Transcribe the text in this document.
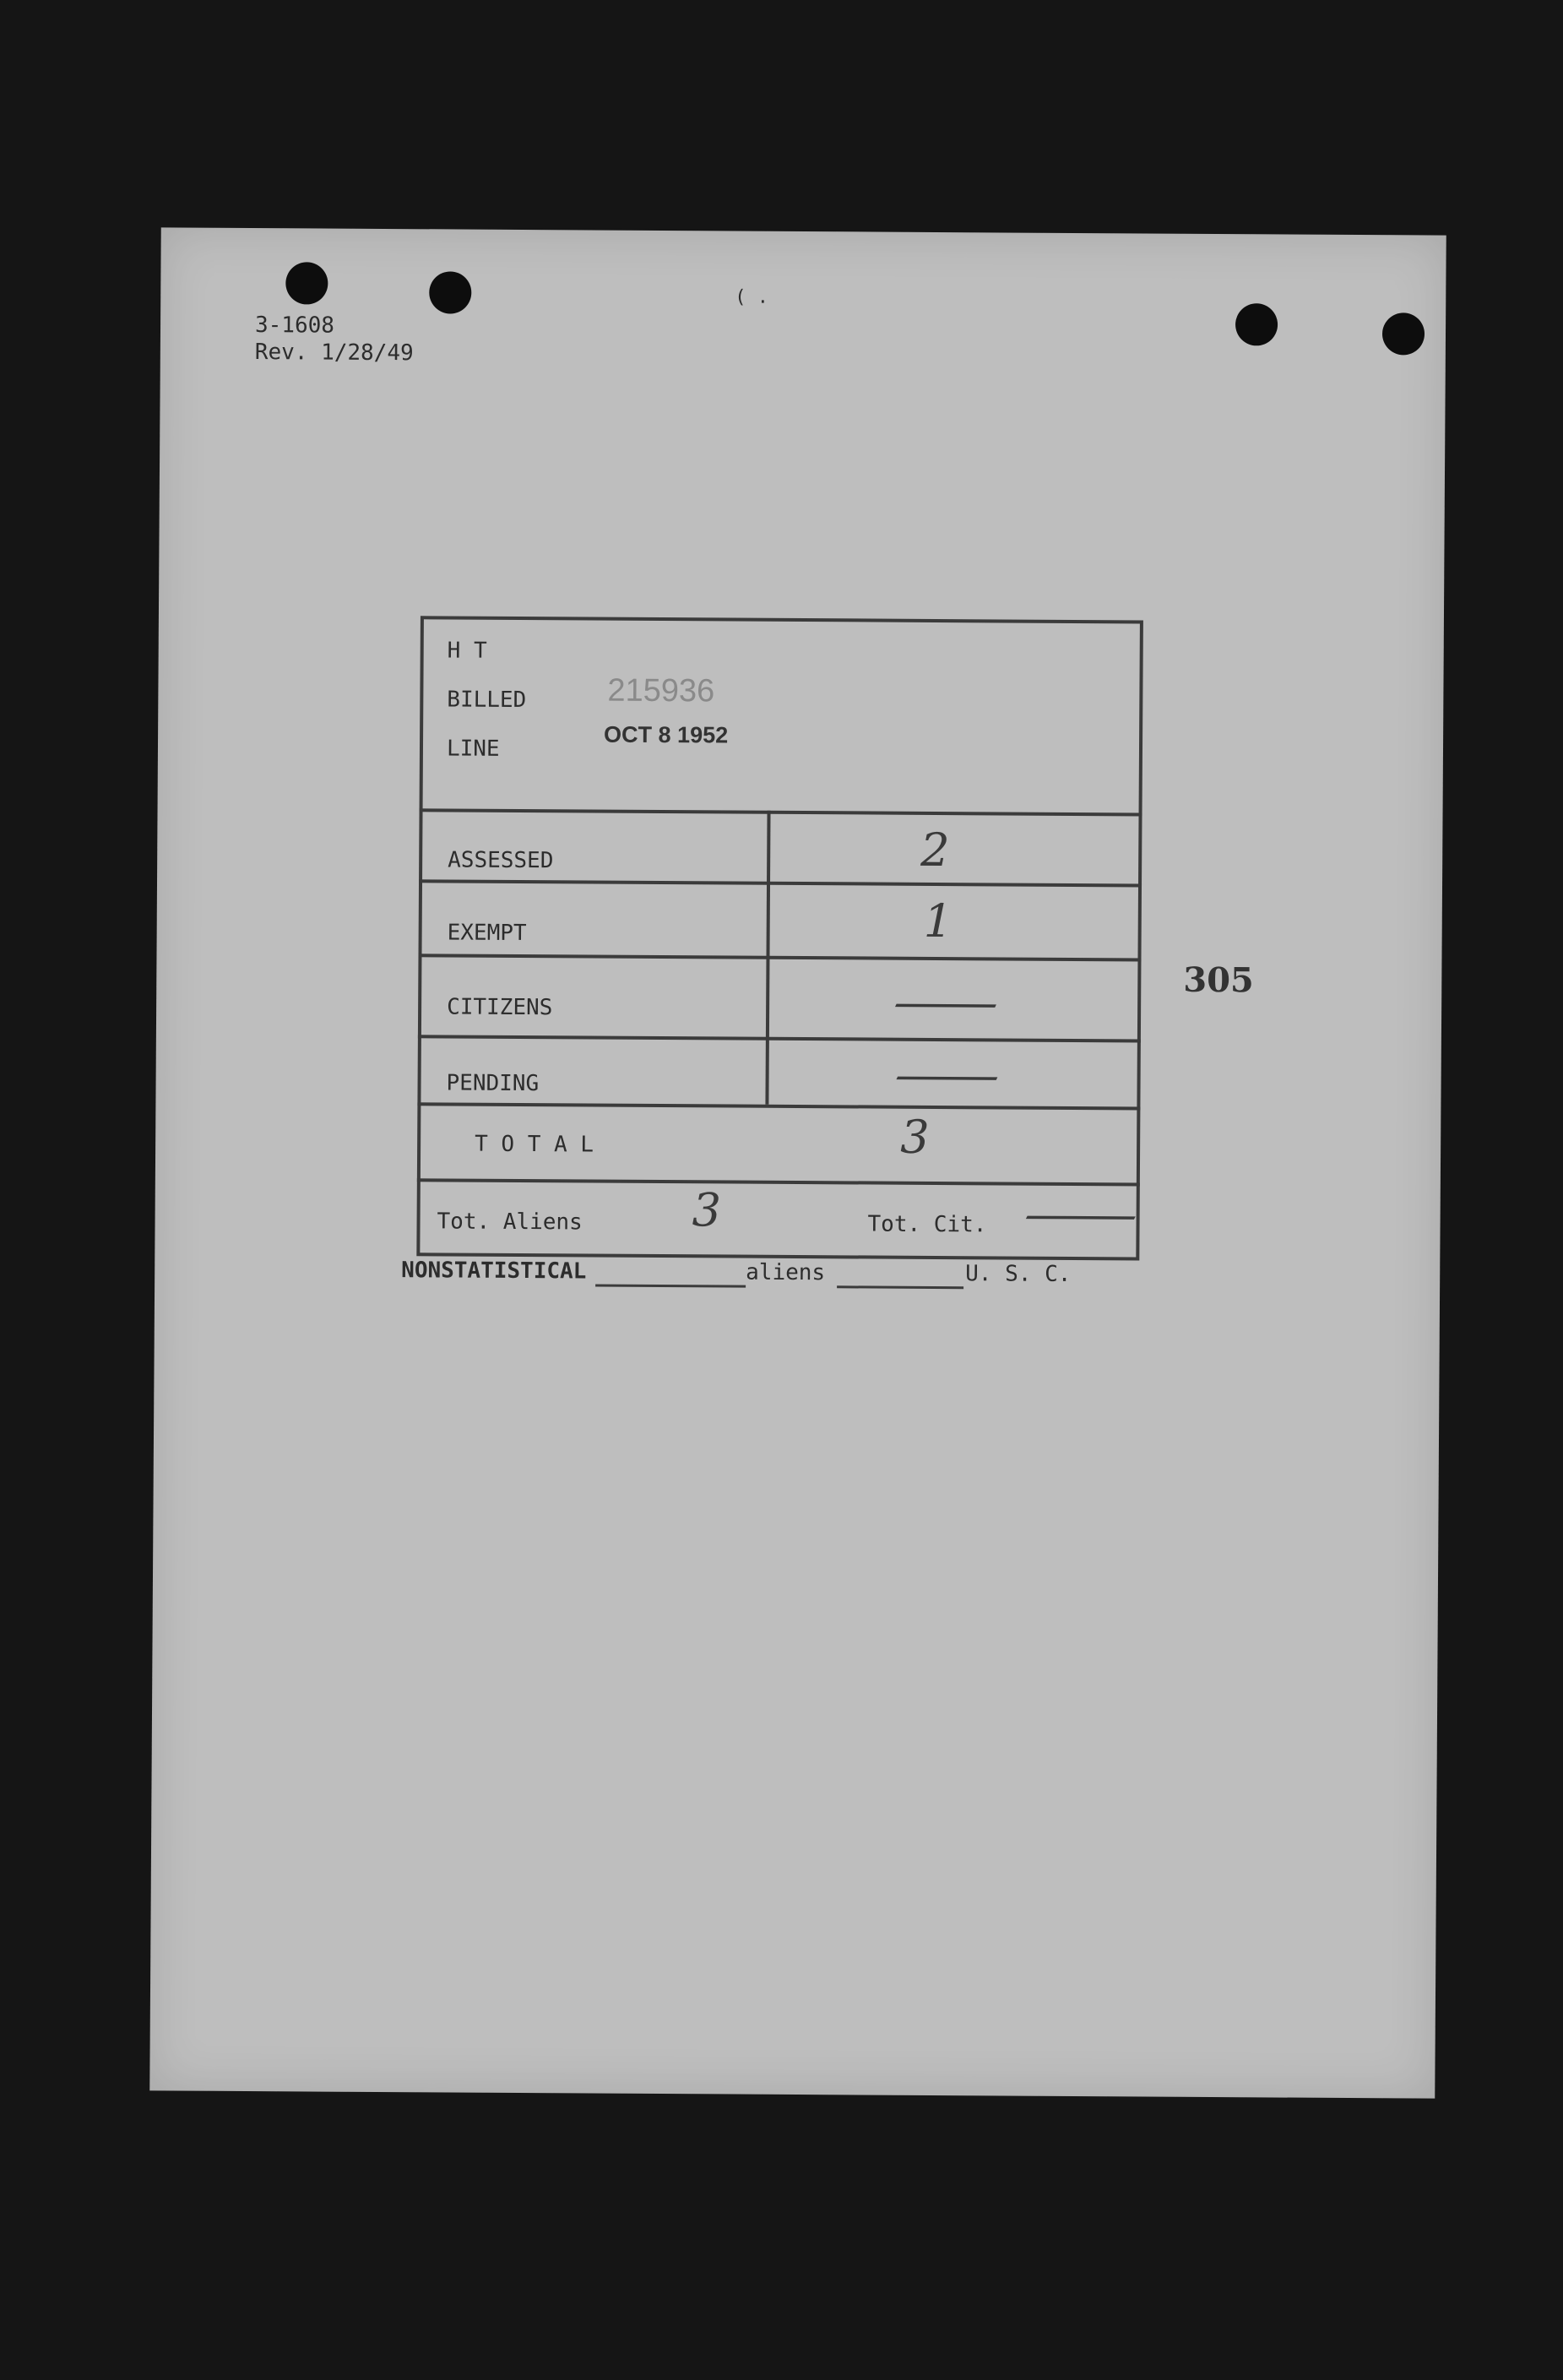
3-1608
Rev. 1/28/49
( .
H T
BILLED	215936
LINE
OCT 8 1952
ASSESSED	2
EXEMPT	1
CITIZENS	—
PENDING	—
T O T A L	3
Tot. Aliens 3	Tot. Cit. —
NONSTATISTICAL	aliens	U. S. C.
305
